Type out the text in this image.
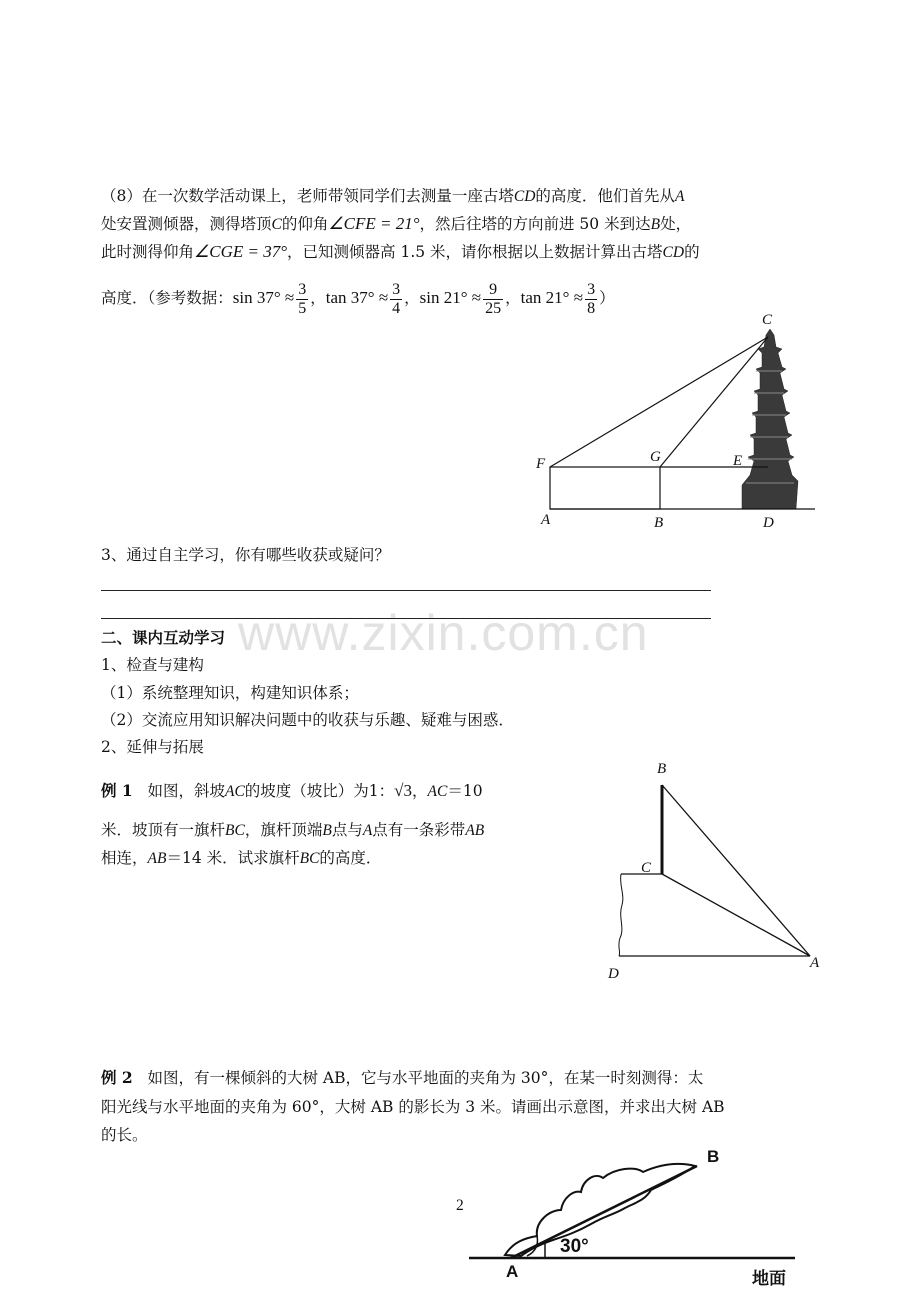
www.zixin.com.cn
（8）在一次数学活动课上，老师带领同学们去测量一座古塔CD的高度．他们首先从A
处安置测倾器，测得塔顶C的仰角∠CFE = 21°，然后往塔的方向前进 50 米到达B处，
此时测得仰角∠CGE = 37°，已知测倾器高 1.5 米，请你根据以上数据计算出古塔CD的
高度．（参考数据：$\sin 37^\circ \approx \frac{3}{5}$ ，$\tan 37^\circ \approx \frac{3}{4}$ ，$\sin 21^\circ \approx \frac{9}{25}$ ，$\tan 21^\circ \approx \frac{3}{8}$ ）
C
F	G	E
A	B	D
3、通过自主学习，你有哪些收获或疑问？
二、课内互动学习
1、检查与建构
（1）系统整理知识，构建知识体系；
（2）交流应用知识解决问题中的收获与乐趣、疑难与困惑．
2、延伸与拓展
例 1 如图，斜坡AC的坡度（坡比）为1：√3，AC＝10
米．坡顶有一旗杆BC，旗杆顶端B点与A点有一条彩带AB
相连，AB＝14 米．试求旗杆BC的高度．
B
C
A
D
例 2 如图，有一棵倾斜的大树 AB，它与水平地面的夹角为 30°，在某一时刻测得：太
阳光线与水平地面的夹角为 60°，大树 AB 的影长为 3 米。请画出示意图，并求出大树 AB
的长。
B
A
30°
地面
2
